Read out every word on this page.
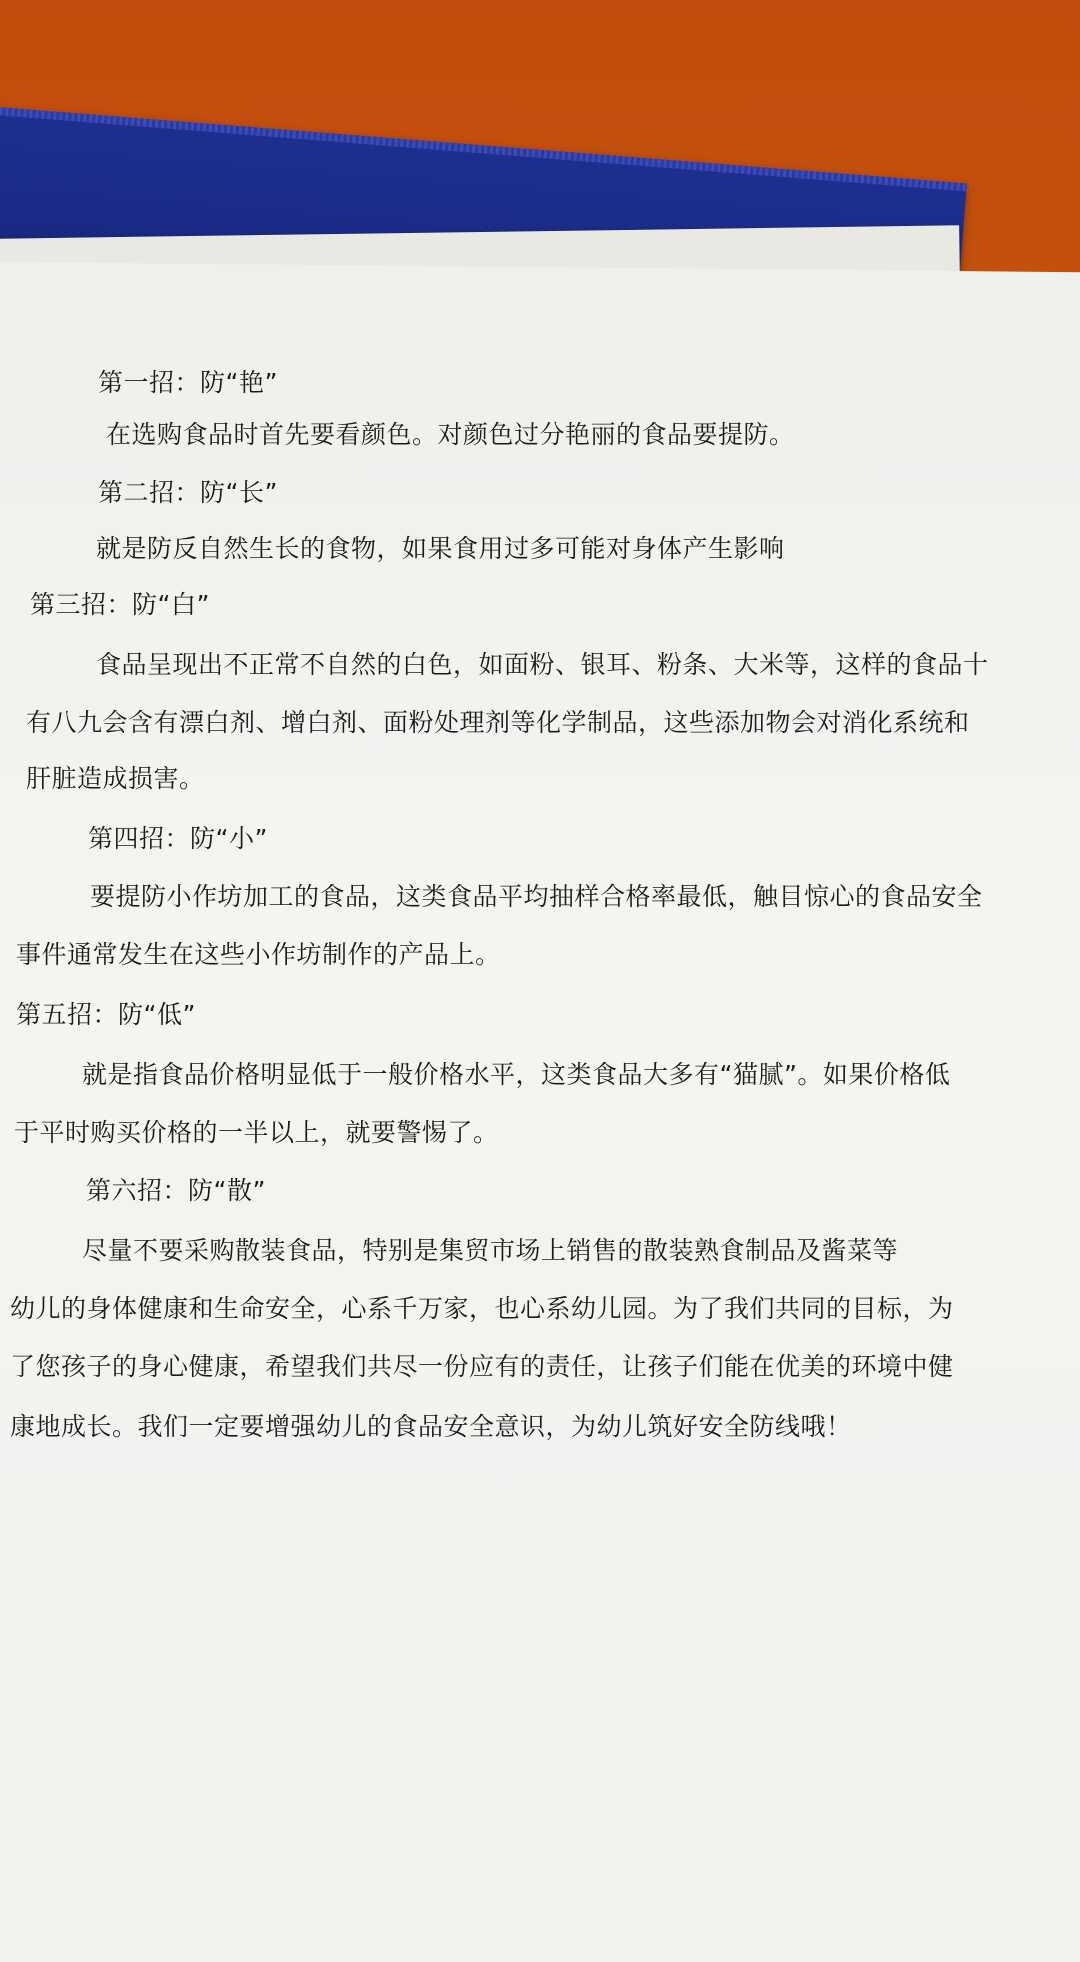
第一招：防“艳”
在选购食品时首先要看颜色。对颜色过分艳丽的食品要提防。
第二招：防“长”
就是防反自然生长的食物，如果食用过多可能对身体产生影响
第三招：防“白”
食品呈现出不正常不自然的白色，如面粉、银耳、粉条、大米等，这样的食品十
有八九会含有漂白剂、增白剂、面粉处理剂等化学制品，这些添加物会对消化系统和
肝脏造成损害。
第四招：防“小”
要提防小作坊加工的食品，这类食品平均抽样合格率最低，触目惊心的食品安全
事件通常发生在这些小作坊制作的产品上。
第五招：防“低”
就是指食品价格明显低于一般价格水平，这类食品大多有“猫腻”。如果价格低
于平时购买价格的一半以上，就要警惕了。
第六招：防“散”
尽量不要采购散装食品，特别是集贸市场上销售的散装熟食制品及酱菜等
幼儿的身体健康和生命安全，心系千万家，也心系幼儿园。为了我们共同的目标，为
了您孩子的身心健康，希望我们共尽一份应有的责任，让孩子们能在优美的环境中健
康地成长。我们一定要增强幼儿的食品安全意识，为幼儿筑好安全防线哦！
